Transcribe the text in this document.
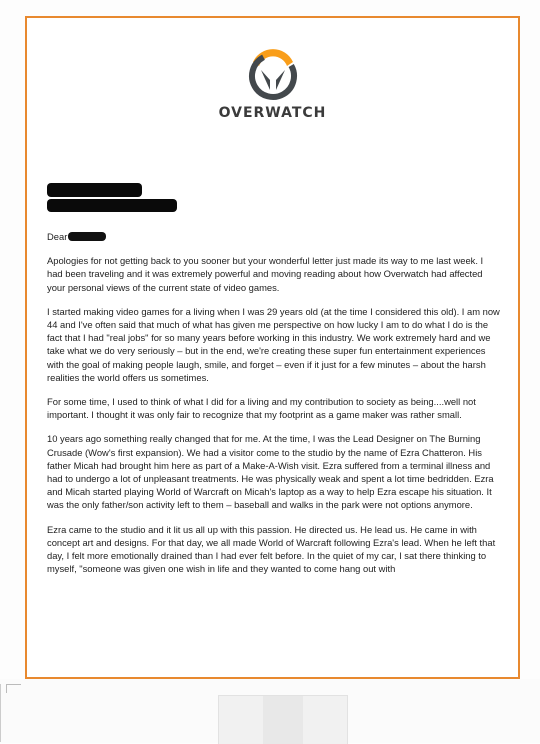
OVERWATCH
Dear

Apologies for not getting back to you sooner but your wonderful letter just made its way to me last week. I had been traveling and it was extremely powerful and moving reading about how Overwatch had affected your personal views of the current state of video games.

I started making video games for a living when I was 29 years old (at the time I considered this old). I am now 44 and I've often said that much of what has given me perspective on how lucky I am to do what I do is the fact that I had "real jobs" for so many years before working in this industry. We work extremely hard and we take what we do very seriously – but in the end, we're creating these super fun entertainment experiences with the goal of making people laugh, smile, and forget – even if it just for a few minutes – about the harsh realities the world offers us sometimes.

For some time, I used to think of what I did for a living and my contribution to society as being....well not important. I thought it was only fair to recognize that my footprint as a game maker was rather small.

10 years ago something really changed that for me. At the time, I was the Lead Designer on The Burning Crusade (Wow's first expansion). We had a visitor come to the studio by the name of Ezra Chatteron. His father Micah had brought him here as part of a Make-A-Wish visit. Ezra suffered from a terminal illness and had to undergo a lot of unpleasant treatments. He was physically weak and spent a lot time bedridden. Ezra and Micah started playing World of Warcraft on Micah's laptop as a way to help Ezra escape his situation. It was the only father/son activity left to them – baseball and walks in the park were not options anymore.

Ezra came to the studio and it lit us all up with this passion. He directed us. He lead us. He came in with concept art and designs. For that day, we all made World of Warcraft following Ezra's lead. When he left that day, I felt more emotionally drained than I had ever felt before. In the quiet of my car, I sat there thinking to myself, "someone was given one wish in life and they wanted to come hang out with
